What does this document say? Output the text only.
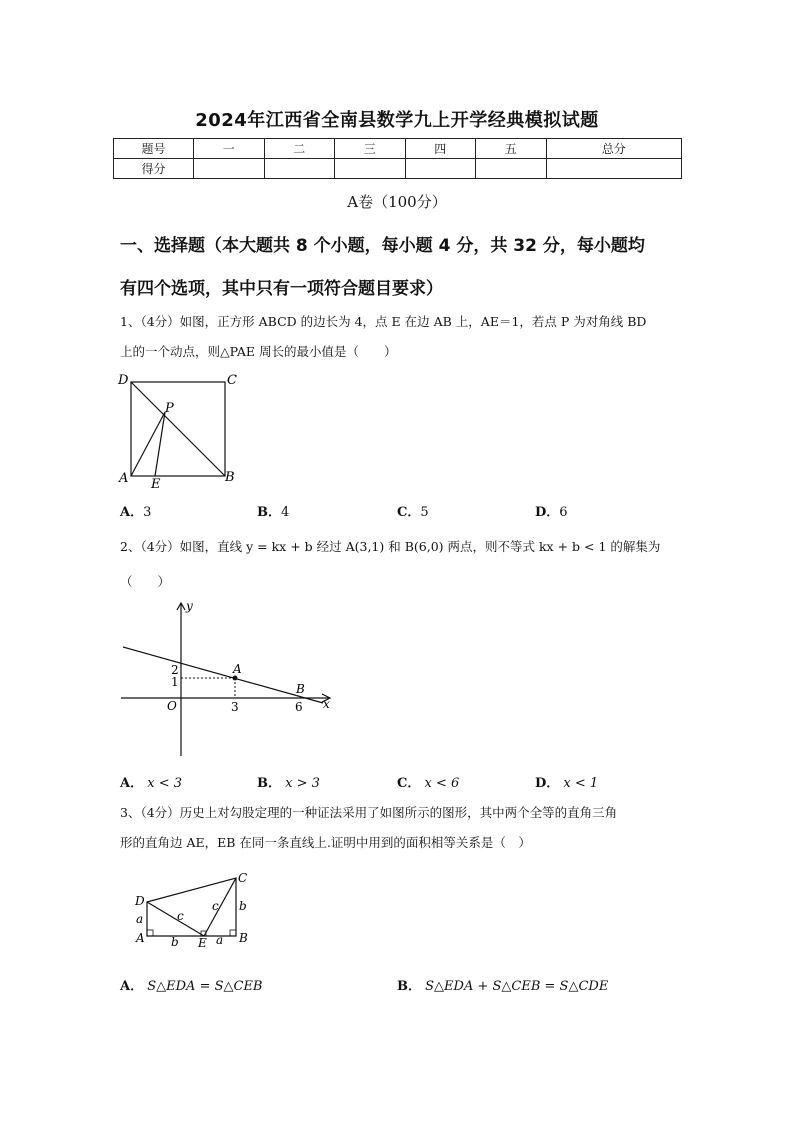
2024年江西省全南县数学九上开学经典模拟试题
题号	一	二	三	四	五	总分
得分						
A卷（100分）
一、选择题（本大题共 8 个小题，每小题 4 分，共 32 分，每小题均
有四个选项，其中只有一项符合题目要求）
1、（4分）如图，正方形 ABCD 的边长为 4，点 E 在边 AB 上，AE＝1，若点 P 为对角线 BD
上的一个动点，则△PAE 周长的最小值是（　　）
D	C
A	B
E
P
A．3	B．4	C．5	D．6
2、（4分）如图，直线 y = kx + b 经过 A(3,1) 和 B(6,0) 两点，则不等式 kx + b < 1 的解集为
（　　）
y
x
O
2
1
3	6
A
B
A． x < 3	B． x > 3	C． x < 6	D． x < 1
3、（4分）历史上对勾股定理的一种证法采用了如图所示的图形，其中两个全等的直角三角
形的直角边 AE，EB 在同一条直线上.证明中用到的面积相等关系是（　）
D
C
A	B
E
a
a
b
b
c
c
A． S△EDA = S△CEB	B． S△EDA + S△CEB = S△CDE
